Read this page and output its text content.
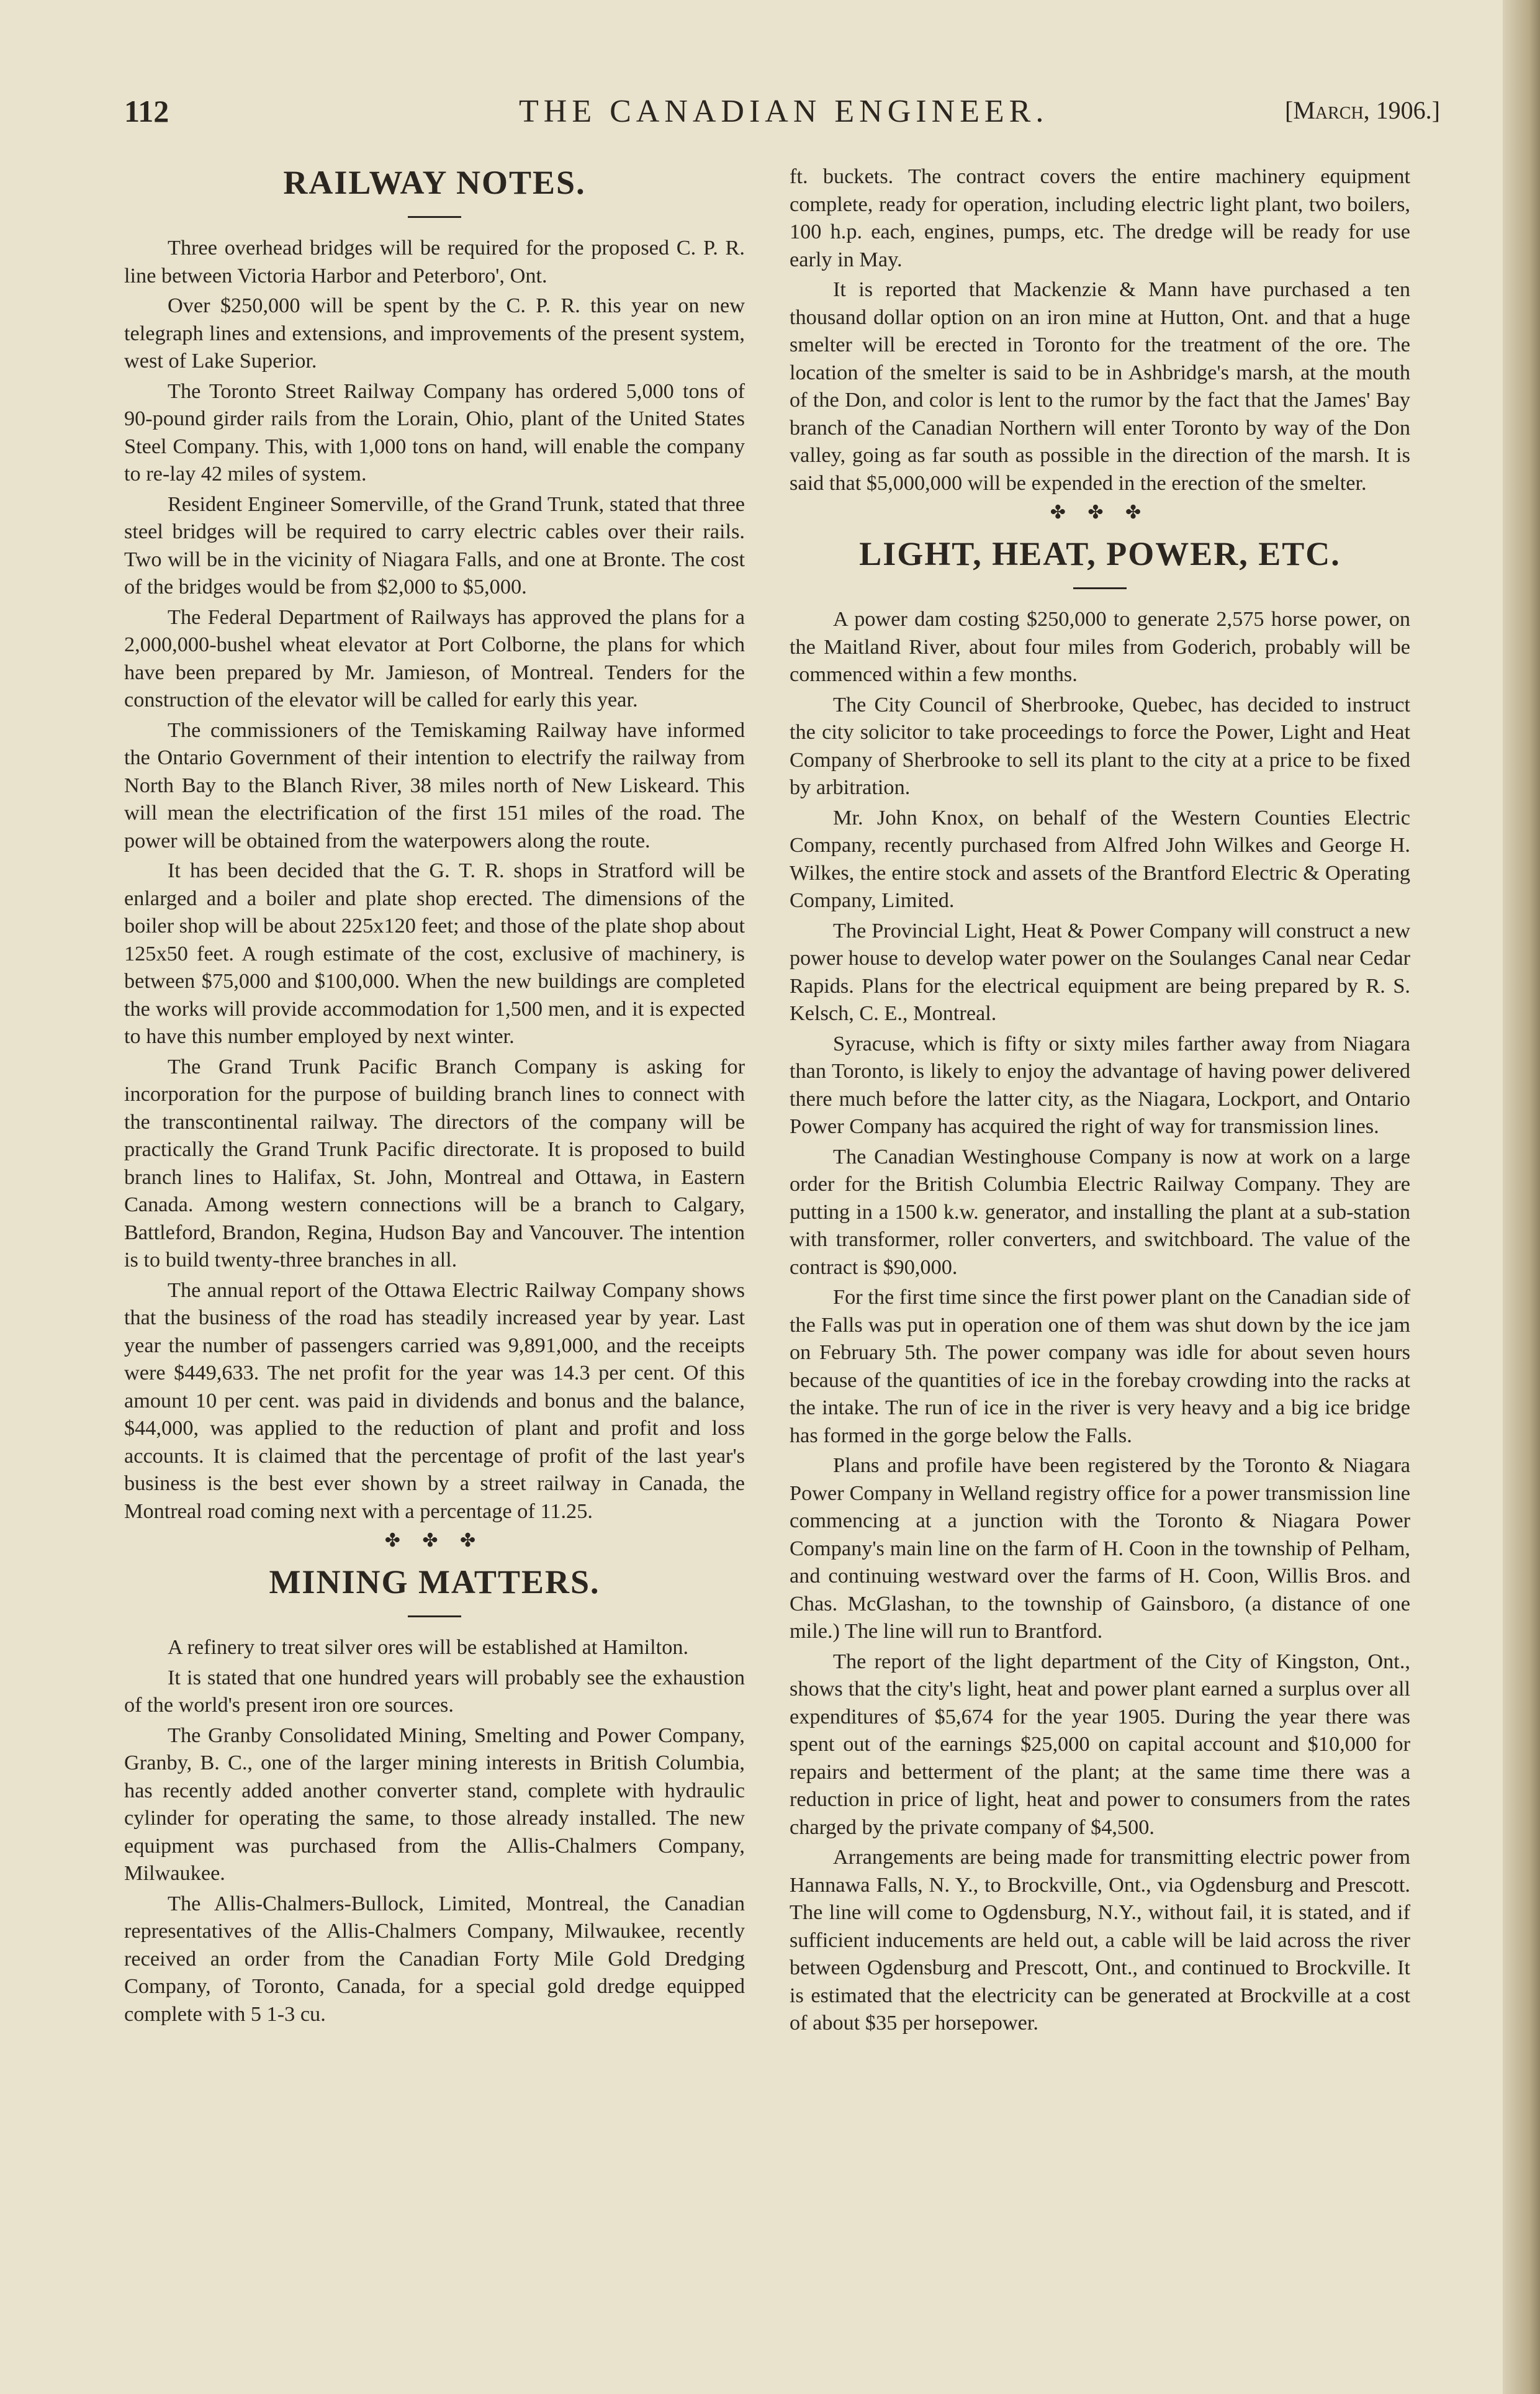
112	THE CANADIAN ENGINEER.	[March, 1906.]
RAILWAY NOTES.

Three overhead bridges will be required for the proposed C. P. R. line between Victoria Harbor and Peterboro', Ont.

Over $250,000 will be spent by the C. P. R. this year on new telegraph lines and extensions, and improvements of the present system, west of Lake Superior.

The Toronto Street Railway Company has ordered 5,000 tons of 90-pound girder rails from the Lorain, Ohio, plant of the United States Steel Company. This, with 1,000 tons on hand, will enable the company to re-lay 42 miles of system.

Resident Engineer Somerville, of the Grand Trunk, stated that three steel bridges will be required to carry electric cables over their rails. Two will be in the vicinity of Niagara Falls, and one at Bronte. The cost of the bridges would be from $2,000 to $5,000.

The Federal Department of Railways has approved the plans for a 2,000,000-bushel wheat elevator at Port Colborne, the plans for which have been prepared by Mr. Jamieson, of Montreal. Tenders for the construction of the elevator will be called for early this year.

The commissioners of the Temiskaming Railway have informed the Ontario Government of their intention to electrify the railway from North Bay to the Blanch River, 38 miles north of New Liskeard. This will mean the electrification of the first 151 miles of the road. The power will be obtained from the waterpowers along the route.

It has been decided that the G. T. R. shops in Stratford will be enlarged and a boiler and plate shop erected. The dimensions of the boiler shop will be about 225x120 feet; and those of the plate shop about 125x50 feet. A rough estimate of the cost, exclusive of machinery, is between $75,000 and $100,000. When the new buildings are completed the works will provide accommodation for 1,500 men, and it is expected to have this number employed by next winter.

The Grand Trunk Pacific Branch Company is asking for incorporation for the purpose of building branch lines to connect with the transcontinental railway. The directors of the company will be practically the Grand Trunk Pacific directorate. It is proposed to build branch lines to Halifax, St. John, Montreal and Ottawa, in Eastern Canada. Among western connections will be a branch to Calgary, Battleford, Brandon, Regina, Hudson Bay and Vancouver. The intention is to build twenty-three branches in all.

The annual report of the Ottawa Electric Railway Company shows that the business of the road has steadily increased year by year. Last year the number of passengers carried was 9,891,000, and the receipts were $449,633. The net profit for the year was 14.3 per cent. Of this amount 10 per cent. was paid in dividends and bonus and the balance, $44,000, was applied to the reduction of plant and profit and loss accounts. It is claimed that the percentage of profit of the last year's business is the best ever shown by a street railway in Canada, the Montreal road coming next with a percentage of 11.25.

✤ ✤ ✤
MINING MATTERS.

A refinery to treat silver ores will be established at Hamilton.

It is stated that one hundred years will probably see the exhaustion of the world's present iron ore sources.

The Granby Consolidated Mining, Smelting and Power Company, Granby, B. C., one of the larger mining interests in British Columbia, has recently added another converter stand, complete with hydraulic cylinder for operating the same, to those already installed. The new equipment was purchased from the Allis-Chalmers Company, Milwaukee.

The Allis-Chalmers-Bullock, Limited, Montreal, the Canadian representatives of the Allis-Chalmers Company, Milwaukee, recently received an order from the Canadian Forty Mile Gold Dredging Company, of Toronto, Canada, for a special gold dredge equipped complete with 5 1-3 cu.

ft. buckets. The contract covers the entire machinery equipment complete, ready for operation, including electric light plant, two boilers, 100 h.p. each, engines, pumps, etc. The dredge will be ready for use early in May.

It is reported that Mackenzie & Mann have purchased a ten thousand dollar option on an iron mine at Hutton, Ont. and that a huge smelter will be erected in Toronto for the treatment of the ore. The location of the smelter is said to be in Ashbridge's marsh, at the mouth of the Don, and color is lent to the rumor by the fact that the James' Bay branch of the Canadian Northern will enter Toronto by way of the Don valley, going as far south as possible in the direction of the marsh. It is said that $5,000,000 will be expended in the erection of the smelter.

✤ ✤ ✤
LIGHT, HEAT, POWER, ETC.

A power dam costing $250,000 to generate 2,575 horse power, on the Maitland River, about four miles from Goderich, probably will be commenced within a few months.

The City Council of Sherbrooke, Quebec, has decided to instruct the city solicitor to take proceedings to force the Power, Light and Heat Company of Sherbrooke to sell its plant to the city at a price to be fixed by arbitration.

Mr. John Knox, on behalf of the Western Counties Electric Company, recently purchased from Alfred John Wilkes and George H. Wilkes, the entire stock and assets of the Brantford Electric & Operating Company, Limited.

The Provincial Light, Heat & Power Company will construct a new power house to develop water power on the Soulanges Canal near Cedar Rapids. Plans for the electrical equipment are being prepared by R. S. Kelsch, C. E., Montreal.

Syracuse, which is fifty or sixty miles farther away from Niagara than Toronto, is likely to enjoy the advantage of having power delivered there much before the latter city, as the Niagara, Lockport, and Ontario Power Company has acquired the right of way for transmission lines.

The Canadian Westinghouse Company is now at work on a large order for the British Columbia Electric Railway Company. They are putting in a 1500 k.w. generator, and installing the plant at a sub-station with transformer, roller converters, and switchboard. The value of the contract is $90,000.

For the first time since the first power plant on the Canadian side of the Falls was put in operation one of them was shut down by the ice jam on February 5th. The power company was idle for about seven hours because of the quantities of ice in the forebay crowding into the racks at the intake. The run of ice in the river is very heavy and a big ice bridge has formed in the gorge below the Falls.

Plans and profile have been registered by the Toronto & Niagara Power Company in Welland registry office for a power transmission line commencing at a junction with the Toronto & Niagara Power Company's main line on the farm of H. Coon in the township of Pelham, and continuing westward over the farms of H. Coon, Willis Bros. and Chas. McGlashan, to the township of Gainsboro, (a distance of one mile.) The line will run to Brantford.

The report of the light department of the City of Kingston, Ont., shows that the city's light, heat and power plant earned a surplus over all expenditures of $5,674 for the year 1905. During the year there was spent out of the earnings $25,000 on capital account and $10,000 for repairs and betterment of the plant; at the same time there was a reduction in price of light, heat and power to consumers from the rates charged by the private company of $4,500.

Arrangements are being made for transmitting electric power from Hannawa Falls, N. Y., to Brockville, Ont., via Ogdensburg and Prescott. The line will come to Ogdensburg, N.Y., without fail, it is stated, and if sufficient inducements are held out, a cable will be laid across the river between Ogdensburg and Prescott, Ont., and continued to Brockville. It is estimated that the electricity can be generated at Brockville at a cost of about $35 per horsepower.
